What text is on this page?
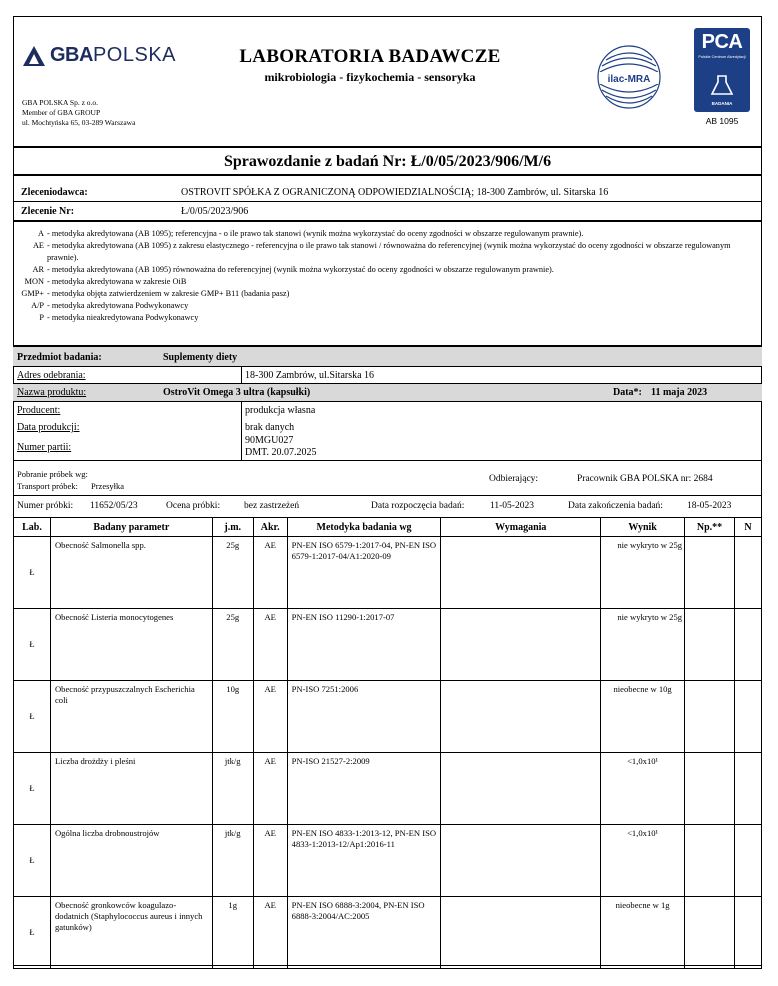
GBA POLSKA
GBA POLSKA Sp. z o.o.
Member of GBA GROUP
ul. Mochtyńska 65, 03-289 Warszawa
LABORATORIA BADAWCZE
mikrobiologia - fizykochemia - sensoryka	ilac-MRA
PCA
Polskie Centrum Akredytacji
BADANIA
AB 1095
Sprawozdanie z badań Nr: Ł/0/05/2023/906/M/6
Zleceniodawca:	OSTROVIT SPÓŁKA Z OGRANICZONĄ ODPOWIEDZIALNOŚCIĄ; 18-300 Zambrów, ul. Sitarska 16
Zlecenie Nr:	Ł/0/05/2023/906
A - metodyka akredytowana (AB 1095); referencyjna - o ile prawo tak stanowi (wynik można wykorzystać do oceny zgodności w obszarze regulowanym prawnie).
AE - metodyka akredytowana (AB 1095) z zakresu elastycznego - referencyjna o ile prawo tak stanowi / równoważna do referencyjnej (wynik można wykorzystać do oceny zgodności w obszarze regulowanym prawnie).
AR - metodyka akredytowana (AB 1095) równoważna do referencyjnej (wynik można wykorzystać do oceny zgodności w obszarze regulowanym prawnie).
MON - metodyka akredytowana w zakresie OiB
GMP+ - metodyka objęta zatwierdzeniem w zakresie GMP+ B11 (badania pasz)
A/P - metodyka akredytowana Podwykonawcy
P - metodyka nieakredytowana Podwykonawcy
Przedmiot badania:	Suplementy diety
Adres odebrania:	18-300 Zambrów, ul.Sitarska 16
Nazwa produktu:	OstroVit Omega 3 ultra (kapsułki)	Data*: 11 maja 2023
Producent:	produkcja własna
Data produkcji:	brak danych
Numer partii:
90MGU027
DMT. 20.07.2025
Pobranie próbek wg:
Transport próbek: Przesyłka
Odbierający:	Pracownik GBA POLSKA nr: 2684
Numer próbki: 11652/05/23	Ocena próbki:	bez zastrzeżeń	Data rozpoczęcia badań:	11-05-2023	Data zakończenia badań:	18-05-2023
Lab.	Badany parametr	j.m.	Akr.	Metodyka badania wg	Wymagania	Wynik	Np.**	N
Ł	Obecność Salmonella spp.	25g	AE	PN-EN ISO 6579-1:2017-04, PN-EN ISO 6579-1:2017-04/A1:2020-09		nie wykryto w 25g		
Ł	Obecność Listeria monocytogenes	25g	AE	PN-EN ISO 11290-1:2017-07		nie wykryto w 25g		
Ł	Obecność przypuszczalnych Escherichia coli	10g	AE	PN-ISO 7251:2006		nieobecne w 10g		
Ł	Liczba drożdży i pleśni	jtk/g	AE	PN-ISO 21527-2:2009		<1,0x10¹		
Ł	Ogólna liczba drobnoustrojów	jtk/g	AE	PN-EN ISO 4833-1:2013-12, PN-EN ISO 4833-1:2013-12/Ap1:2016-11		<1,0x10¹		
Ł	Obecność gronkowców koagulazo-dodatnich (Staphylococcus aureus i innych gatunków)	1g	AE	PN-EN ISO 6888-3:2004, PN-EN ISO 6888-3:2004/AC:2005		nieobecne w 1g		
